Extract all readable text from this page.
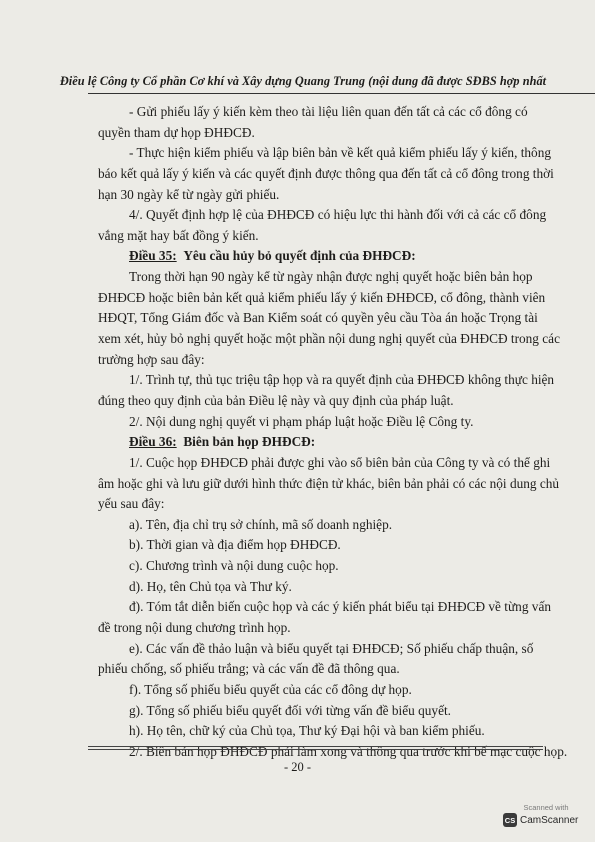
Điều lệ Công ty Cổ phần Cơ khí và Xây dựng Quang Trung (nội dung đã được SĐBS hợp nhất
- Gửi phiếu lấy ý kiến kèm theo tài liệu liên quan đến tất cả các cổ đông có
quyền tham dự họp ĐHĐCĐ.
- Thực hiện kiểm phiếu và lập biên bản về kết quả kiểm phiếu lấy ý kiến, thông
báo kết quả lấy ý kiến và các quyết định được thông qua đến tất cả cổ đông trong thời
hạn 30 ngày kể từ ngày gửi phiếu.
4/. Quyết định hợp lệ của ĐHĐCĐ có hiệu lực thi hành đối với cả các cổ đông
vắng mặt hay bất đồng ý kiến.
Điều 35: Yêu cầu hủy bỏ quyết định của ĐHĐCĐ:
Trong thời hạn 90 ngày kể từ ngày nhận được nghị quyết hoặc biên bản họp
ĐHĐCĐ hoặc biên bản kết quả kiểm phiếu lấy ý kiến ĐHĐCĐ, cổ đông, thành viên
HĐQT, Tổng Giám đốc và Ban Kiểm soát có quyền yêu cầu Tòa án hoặc Trọng tài
xem xét, hủy bỏ nghị quyết hoặc một phần nội dung nghị quyết của ĐHĐCĐ trong các
trường hợp sau đây:
1/. Trình tự, thủ tục triệu tập họp và ra quyết định của ĐHĐCĐ không thực hiện
đúng theo quy định của bản Điều lệ này và quy định của pháp luật.
2/. Nội dung nghị quyết vi phạm pháp luật hoặc Điều lệ Công ty.
Điều 36: Biên bản họp ĐHĐCĐ:
1/. Cuộc họp ĐHĐCĐ phải được ghi vào sổ biên bản của Công ty và có thể ghi
âm hoặc ghi và lưu giữ dưới hình thức điện tử khác, biên bản phải có các nội dung chủ
yếu sau đây:
a). Tên, địa chỉ trụ sở chính, mã số doanh nghiệp.
b). Thời gian và địa điểm họp ĐHĐCĐ.
c). Chương trình và nội dung cuộc họp.
d). Họ, tên Chủ tọa và Thư ký.
đ). Tóm tắt diễn biến cuộc họp và các ý kiến phát biểu tại ĐHĐCĐ về từng vấn
đề trong nội dung chương trình họp.
e). Các vấn đề thảo luận và biểu quyết tại ĐHĐCĐ; Số phiếu chấp thuận, số
phiếu chống, số phiếu trắng; và các vấn đề đã thông qua.
f). Tổng số phiếu biểu quyết của các cổ đông dự họp.
g). Tổng số phiếu biểu quyết đối với từng vấn đề biểu quyết.
h). Họ tên, chữ ký của Chủ tọa, Thư ký Đại hội và ban kiểm phiếu.
2/. Biên bản họp ĐHĐCĐ phải làm xong và thông qua trước khi bế mạc cuộc họp.
- 20 -
Scanned with
CS CamScanner
